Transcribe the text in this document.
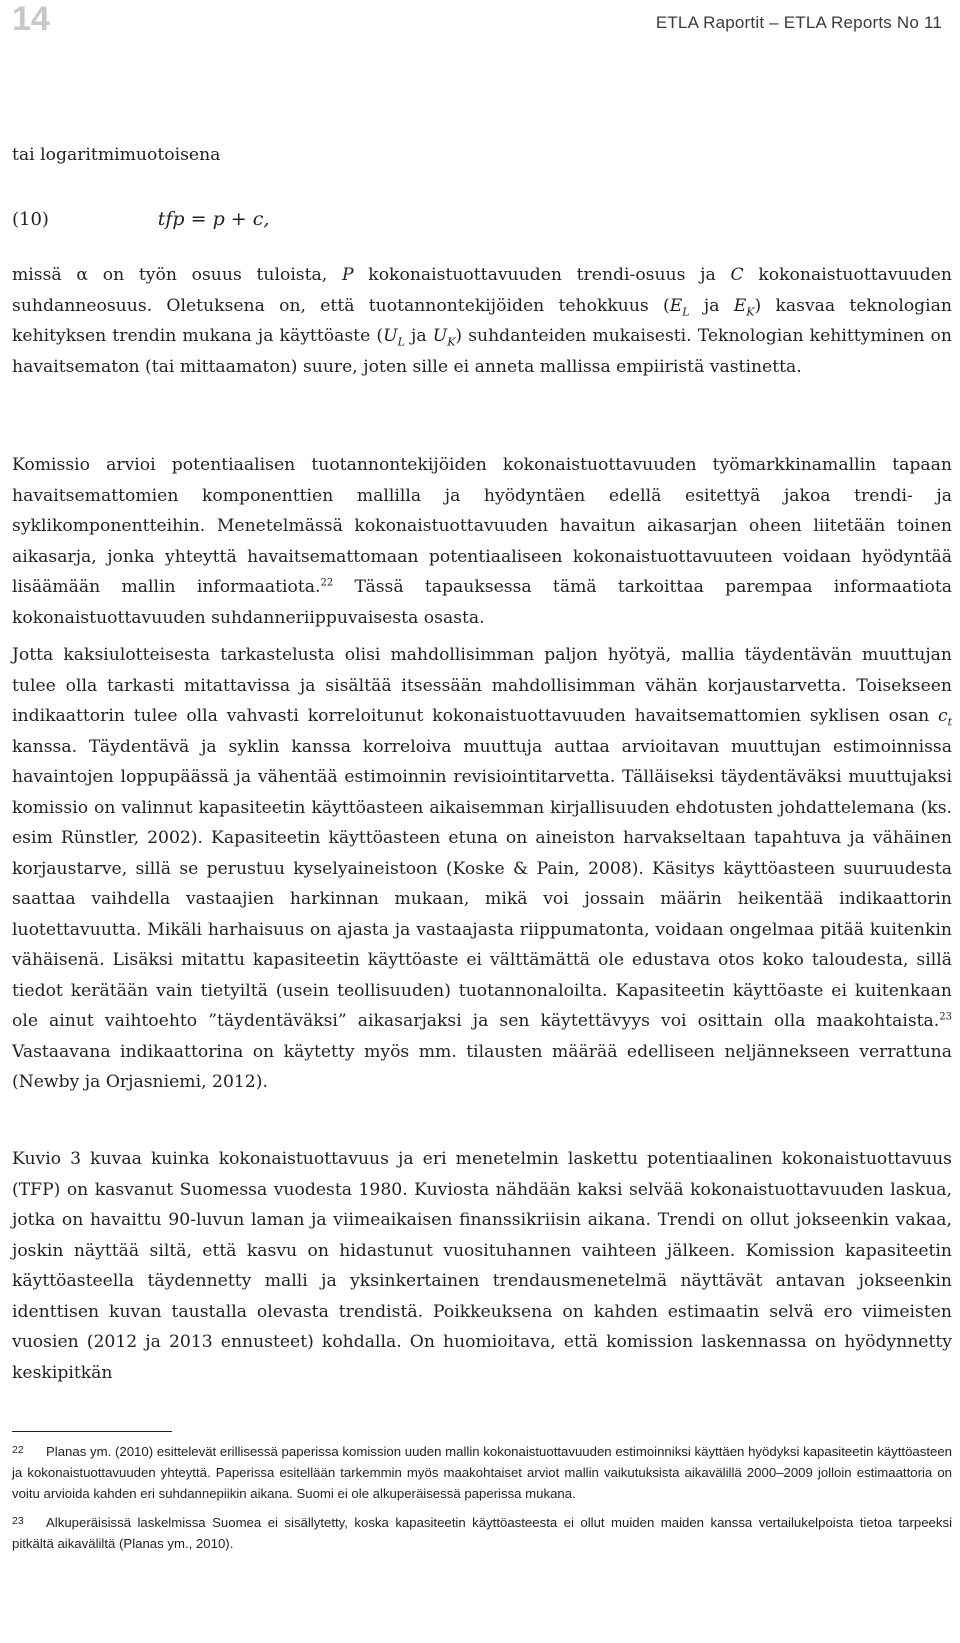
14	ETLA Raportit – ETLA Reports No 11
tai logaritmimuotoisena
(10)	tfp = p + c,

missä α on työn osuus tuloista, P kokonaistuottavuuden trendi-osuus ja C kokonaistuottavuuden suhdanneosuus. Oletuksena on, että tuotannontekijöiden tehokkuus ($E_L$ ja $E_K$) kasvaa teknologian kehityksen trendin mukana ja käyttöaste ($U_L$ ja $U_K$) suhdanteiden mukaisesti. Teknologian kehittyminen on havaitsematon (tai mittaamaton) suure, joten sille ei anneta mallissa empiiristä vastinetta.

Komissio arvioi potentiaalisen tuotannontekijöiden kokonaistuottavuuden työmarkkinamallin tapaan havaitsemattomien komponenttien mallilla ja hyödyntäen edellä esitettyä jakoa trendi- ja syklikomponentteihin. Menetelmässä kokonaistuottavuuden havaitun aikasarjan oheen liitetään toinen aikasarja, jonka yhteyttä havaitsemattomaan potentiaaliseen kokonaistuottavuuteen voidaan hyödyntää lisäämään mallin informaatiota.$^{22}$ Tässä tapauksessa tämä tarkoittaa parempaa informaatiota kokonaistuottavuuden suhdanneriippuvaisesta osasta.

Jotta kaksiulotteisesta tarkastelusta olisi mahdollisimman paljon hyötyä, mallia täydentävän muuttujan tulee olla tarkasti mitattavissa ja sisältää itsessään mahdollisimman vähän korjaustarvetta. Toisekseen indikaattorin tulee olla vahvasti korreloitunut kokonaistuottavuuden havaitsemattomien syklisen osan $c_t$ kanssa. Täydentävä ja syklin kanssa korreloiva muuttuja auttaa arvioitavan muuttujan estimoinnissa havaintojen loppupäässä ja vähentää estimoinnin revisiointitarvetta. Tälläiseksi täydentäväksi muuttujaksi komissio on valinnut kapasiteetin käyttöasteen aikaisemman kirjallisuuden ehdotusten johdattelemana (ks. esim Rünstler, 2002). Kapasiteetin käyttöasteen etuna on aineiston harvakseltaan tapahtuva ja vähäinen korjaustarve, sillä se perustuu kyselyaineistoon (Koske & Pain, 2008). Käsitys käyttöasteen suuruudesta saattaa vaihdella vastaajien harkinnan mukaan, mikä voi jossain määrin heikentää indikaattorin luotettavuutta. Mikäli harhaisuus on ajasta ja vastaajasta riippumatonta, voidaan ongelmaa pitää kuitenkin vähäisenä. Lisäksi mitattu kapasiteetin käyttöaste ei välttämättä ole edustava otos koko taloudesta, sillä tiedot kerätään vain tietyiltä (usein teollisuuden) tuotannonaloilta. Kapasiteetin käyttöaste ei kuitenkaan ole ainut vaihtoehto ”täydentäväksi” aikasarjaksi ja sen käytettävyys voi osittain olla maakohtaista.$^{23}$ Vastaavana indikaattorina on käytetty myös mm. tilausten määrää edelliseen neljännekseen verrattuna (Newby ja Orjasniemi, 2012).

Kuvio 3 kuvaa kuinka kokonaistuottavuus ja eri menetelmin laskettu potentiaalinen kokonaistuottavuus (TFP) on kasvanut Suomessa vuodesta 1980. Kuviosta nähdään kaksi selvää kokonaistuottavuuden laskua, jotka on havaittu 90-luvun laman ja viimeaikaisen finanssikriisin aikana. Trendi on ollut jokseenkin vakaa, joskin näyttää siltä, että kasvu on hidastunut vuosituhannen vaihteen jälkeen. Komission kapasiteetin käyttöasteella täydennetty malli ja yksinkertainen trendausmenetelmä näyttävät antavan jokseenkin identtisen kuvan taustalla olevasta trendistä. Poikkeuksena on kahden estimaatin selvä ero viimeisten vuosien (2012 ja 2013 ennusteet) kohdalla. On huomioitava, että komission laskennassa on hyödynnetty keskipitkän

22 Planas ym. (2010) esittelevät erillisessä paperissa komission uuden mallin kokonaistuottavuuden estimoinniksi käyttäen hyödyksi kapasiteetin käyttöasteen ja kokonaistuottavuuden yhteyttä. Paperissa esitellään tarkemmin myös maakohtaiset arviot mallin vaikutuksista aikavälillä 2000–2009 jolloin estimaattoria on voitu arvioida kahden eri suhdannepiikin aikana. Suomi ei ole alkuperäisessä paperissa mukana.

23 Alkuperäisissä laskelmissa Suomea ei sisällytetty, koska kapasiteetin käyttöasteesta ei ollut muiden maiden kanssa vertailukelpoista tietoa tarpeeksi pitkältä aikaväliltä (Planas ym., 2010).
